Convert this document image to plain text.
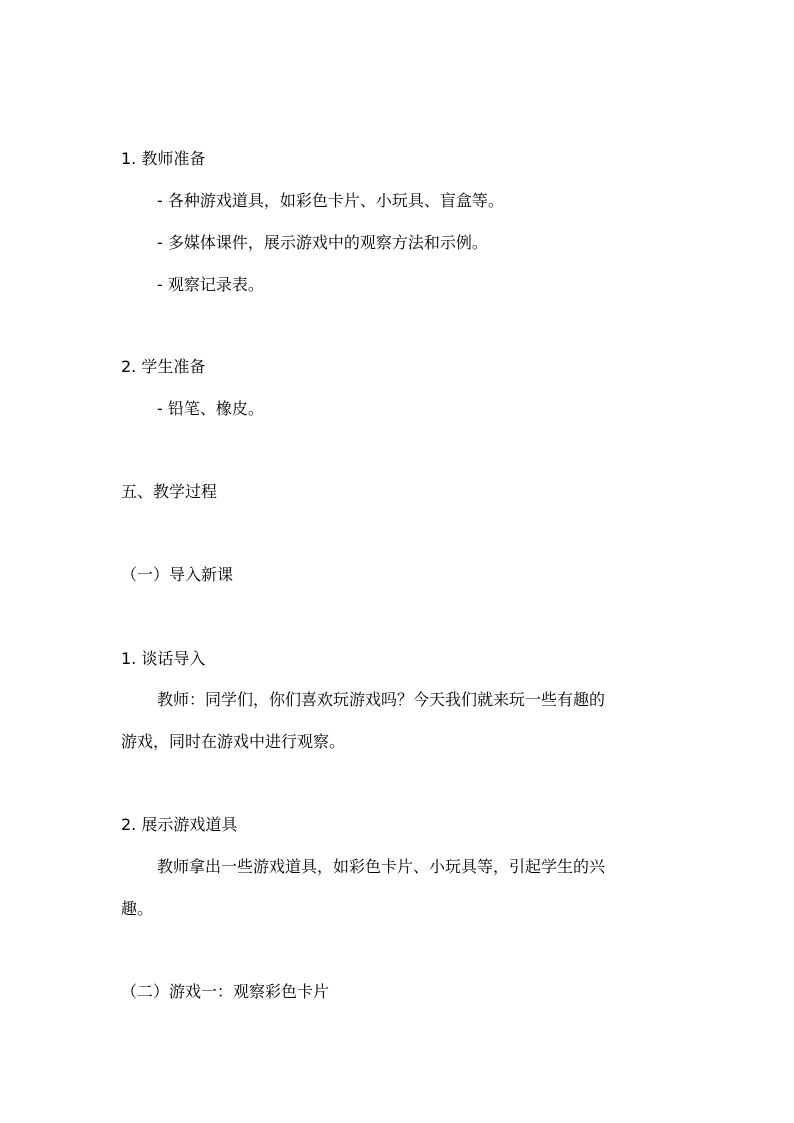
1. 教师准备
- 各种游戏道具，如彩色卡片、小玩具、盲盒等。
- 多媒体课件，展示游戏中的观察方法和示例。
- 观察记录表。
2. 学生准备
- 铅笔、橡皮。
五、教学过程
（一）导入新课
1. 谈话导入
教师：同学们，你们喜欢玩游戏吗？今天我们就来玩一些有趣的
游戏，同时在游戏中进行观察。
2. 展示游戏道具
教师拿出一些游戏道具，如彩色卡片、小玩具等，引起学生的兴
趣。
（二）游戏一：观察彩色卡片
